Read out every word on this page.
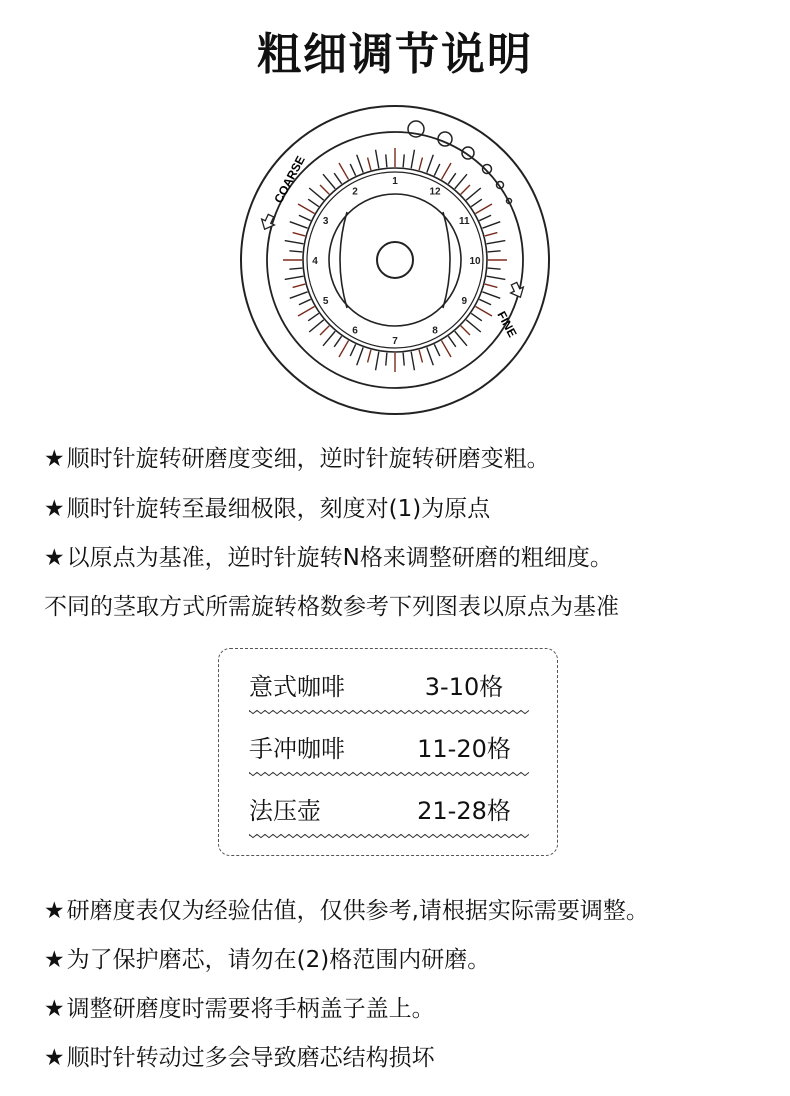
粗细调节说明
COARSE
FINE
1
2
3
4
5
6
7
8
9
10
11
12
★顺时针旋转研磨度变细，逆时针旋转研磨变粗。
★顺时针旋转至最细极限，刻度对(1)为原点
★以原点为基准，逆时针旋转N格来调整研磨的粗细度。
不同的茎取方式所需旋转格数参考下列图表以原点为基准
意式咖啡	3-10格
手冲咖啡	11-20格
法压壶	21-28格
★研磨度表仅为经验估值，仅供参考,请根据实际需要调整。
★为了保护磨芯，请勿在(2)格范围内研磨。
★调整研磨度时需要将手柄盖子盖上。
★顺时针转动过多会导致磨芯结构损坏
